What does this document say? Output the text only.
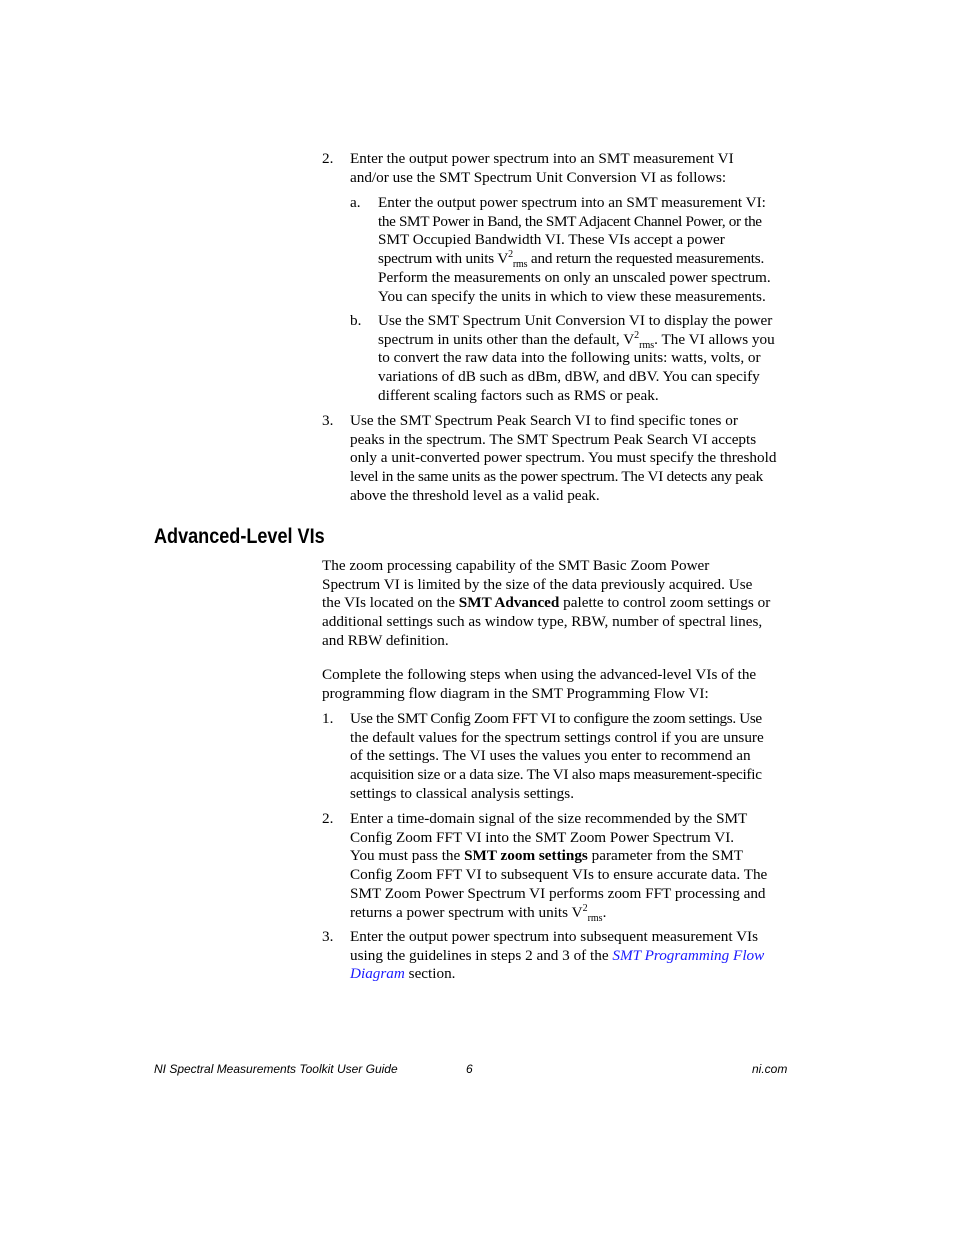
2. Enter the output power spectrum into an SMT measurement VI
and/or use the SMT Spectrum Unit Conversion VI as follows:
a. Enter the output power spectrum into an SMT measurement VI:
the SMT Power in Band, the SMT Adjacent Channel Power, or the
SMT Occupied Bandwidth VI. These VIs accept a power
spectrum with units $V^2_{rms}$ and return the requested measurements.
Perform the measurements on only an unscaled power spectrum.
You can specify the units in which to view these measurements.
b. Use the SMT Spectrum Unit Conversion VI to display the power
spectrum in units other than the default, $V^2_{rms}$. The VI allows you
to convert the raw data into the following units: watts, volts, or
variations of dB such as dBm, dBW, and dBV. You can specify
different scaling factors such as RMS or peak.
3. Use the SMT Spectrum Peak Search VI to find specific tones or
peaks in the spectrum. The SMT Spectrum Peak Search VI accepts
only a unit-converted power spectrum. You must specify the threshold
level in the same units as the power spectrum. The VI detects any peak
above the threshold level as a valid peak.
Advanced-Level VIs
The zoom processing capability of the SMT Basic Zoom Power
Spectrum VI is limited by the size of the data previously acquired. Use
the VIs located on the SMT Advanced palette to control zoom settings or
additional settings such as window type, RBW, number of spectral lines,
and RBW definition.
Complete the following steps when using the advanced-level VIs of the
programming flow diagram in the SMT Programming Flow VI:
1. Use the SMT Config Zoom FFT VI to configure the zoom settings. Use
the default values for the spectrum settings control if you are unsure
of the settings. The VI uses the values you enter to recommend an
acquisition size or a data size. The VI also maps measurement-specific
settings to classical analysis settings.
2. Enter a time-domain signal of the size recommended by the SMT
Config Zoom FFT VI into the SMT Zoom Power Spectrum VI.
You must pass the SMT zoom settings parameter from the SMT
Config Zoom FFT VI to subsequent VIs to ensure accurate data. The
SMT Zoom Power Spectrum VI performs zoom FFT processing and
returns a power spectrum with units $V^2_{rms}$.
3. Enter the output power spectrum into subsequent measurement VIs
using the guidelines in steps 2 and 3 of the SMT Programming Flow
Diagram section.
NI Spectral Measurements Toolkit User Guide	6	ni.com
